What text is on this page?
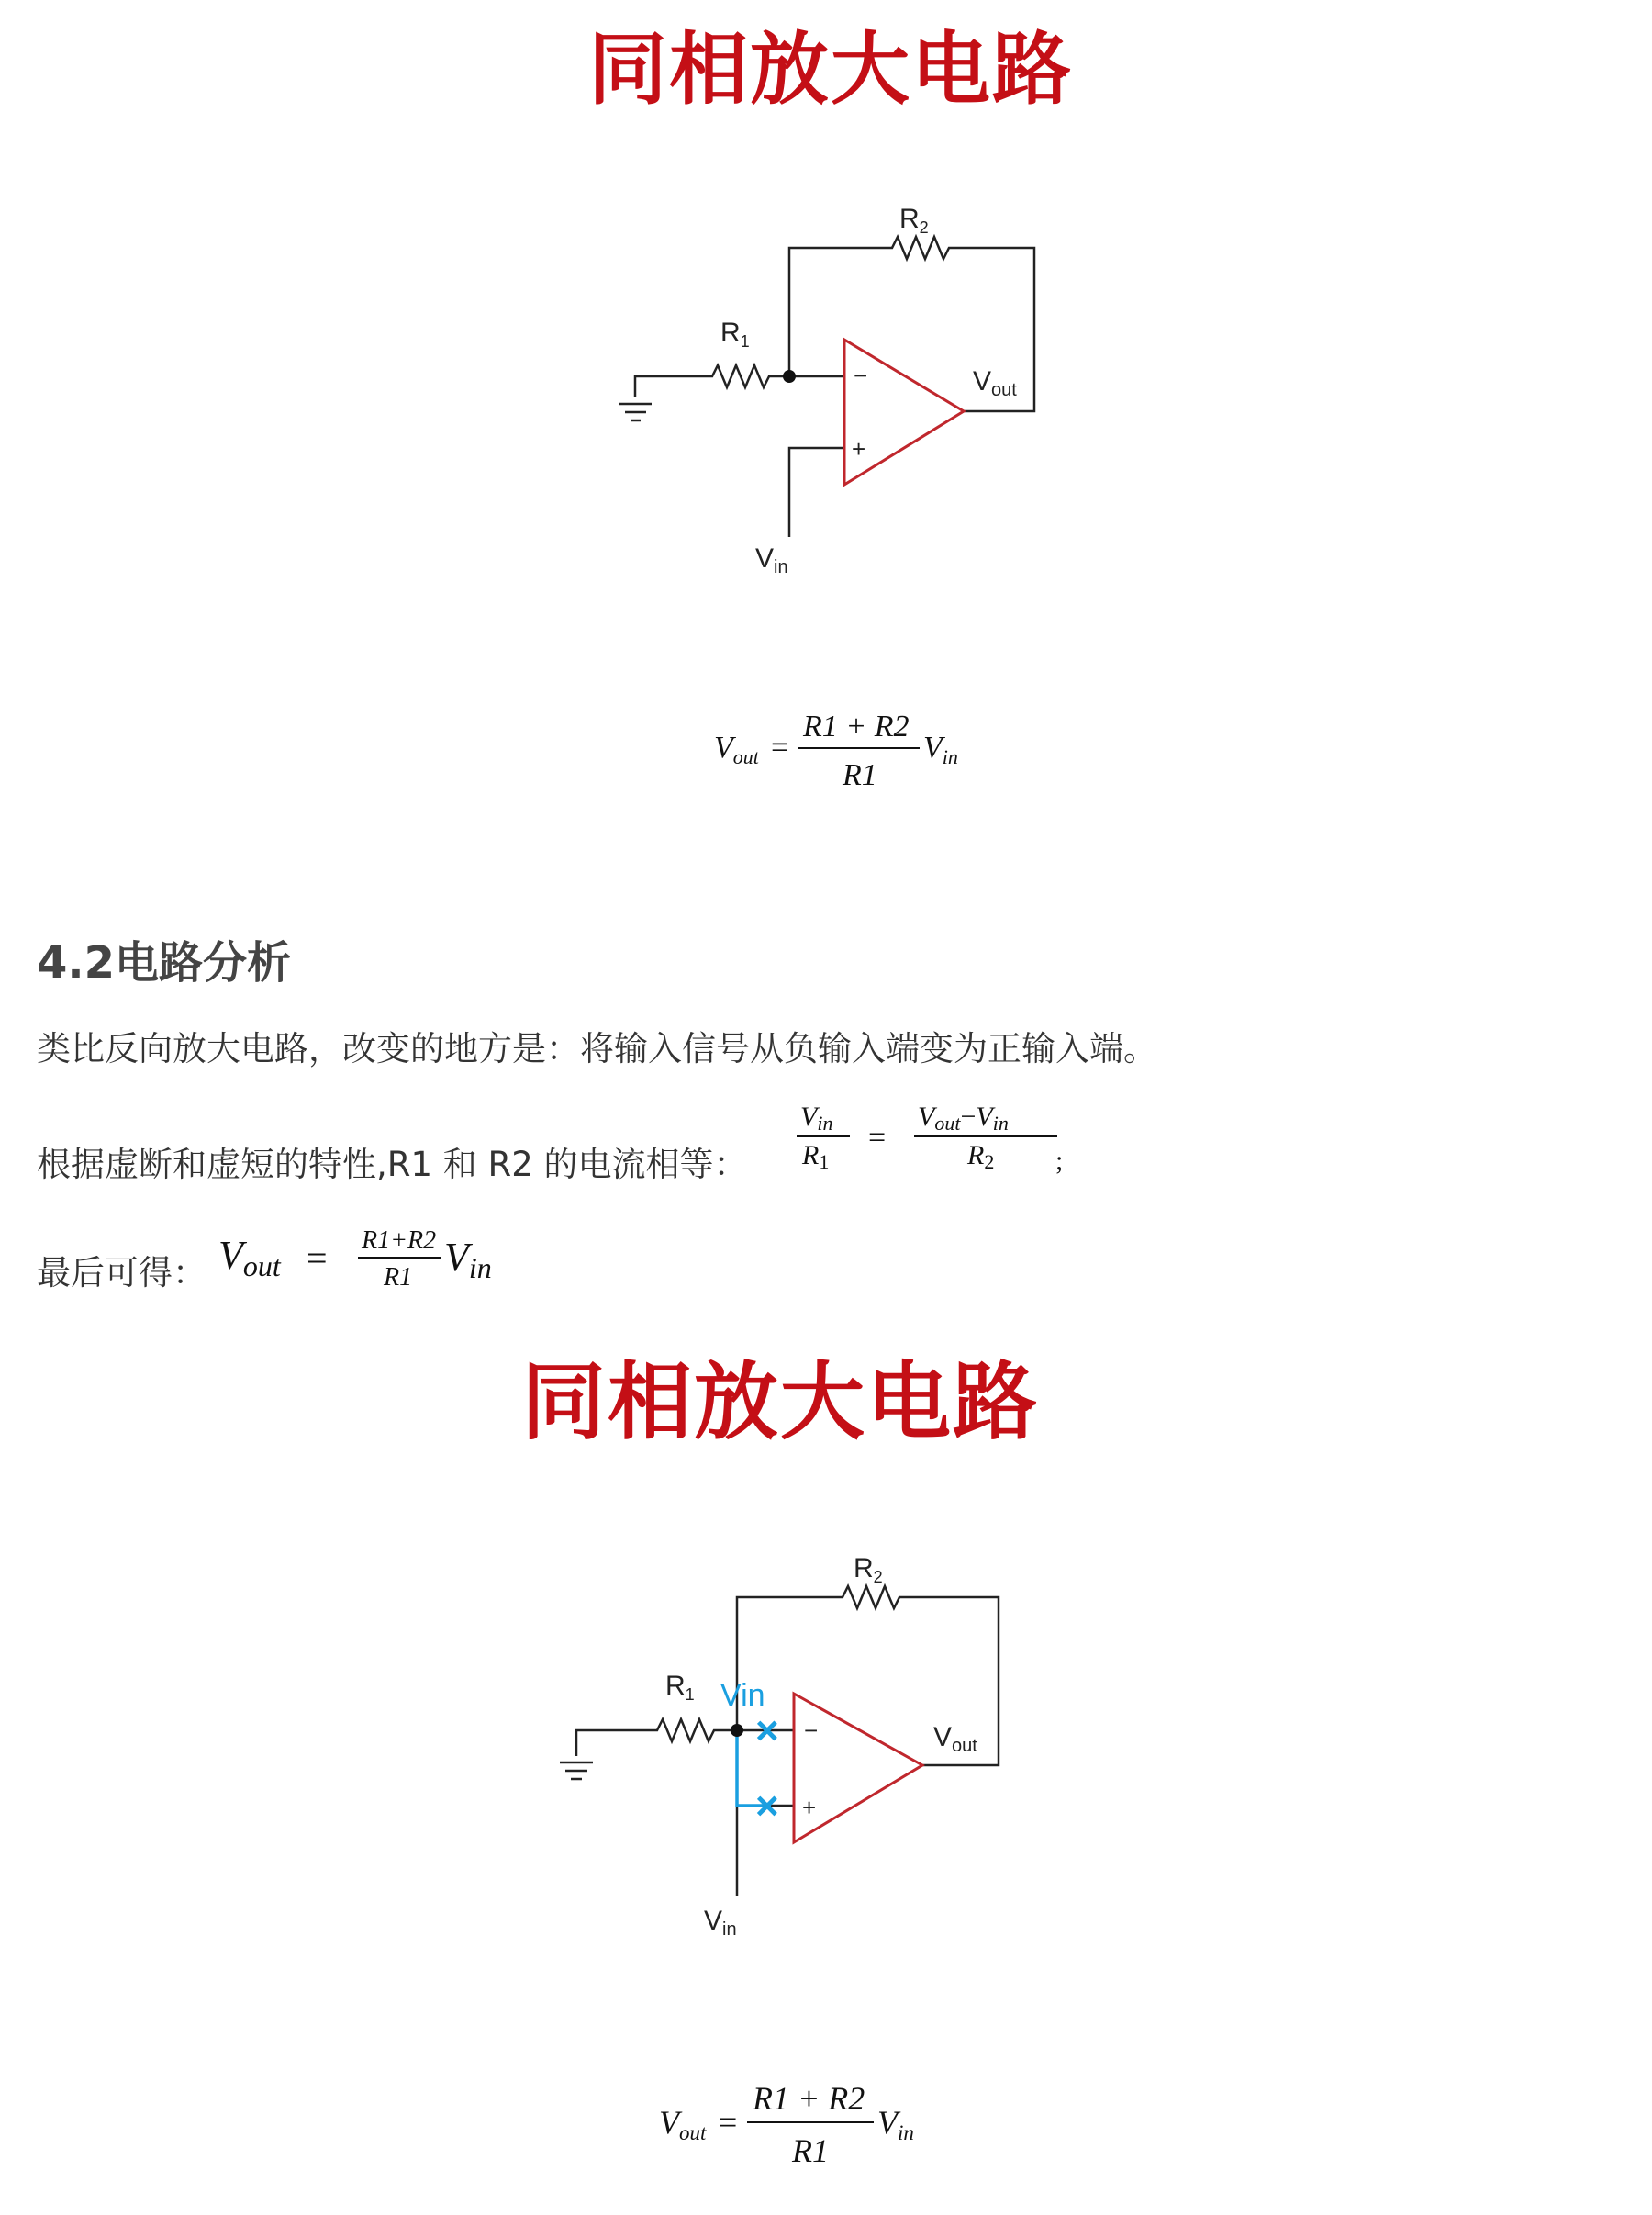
同相放大电路
−
+
$R_2$
$R_1$
$V_{out}$
$V_{in}$
$V_{out}$ =
R1 + R2
R1
$V_{in}$
4.2电路分析
类比反向放大电路，改变的地方是：将输入信号从负输入端变为正输入端。
根据虚断和虚短的特性,R1 和 R2 的电流相等：
Vin
R1
=
Vout−Vin
R2 ;
最后可得： Vout = R1+R2
R1 Vin
同相放大电路
−
+
×
×
Vin
$R_2$
$R_1$
$V_{out}$
$V_{in}$
Vout =
R1 + R2
R1
Vin
